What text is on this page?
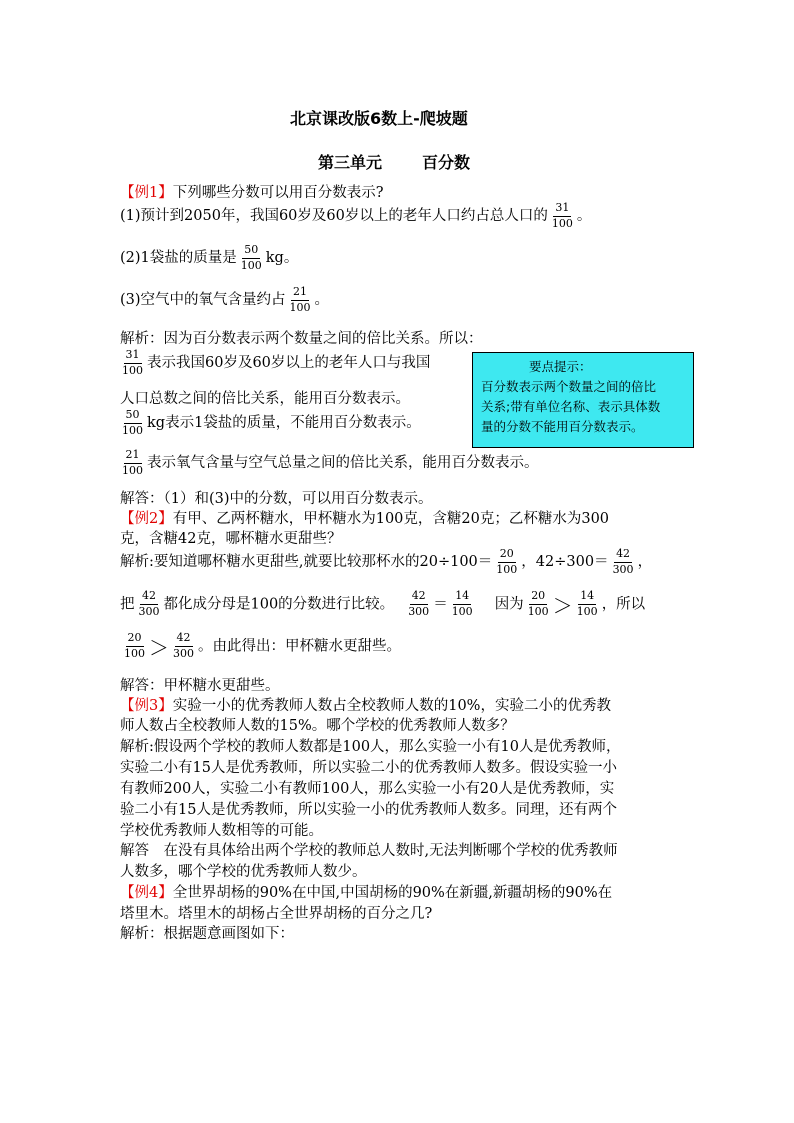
北京课改版6数上-爬坡题
第三单元	百分数
【例1】下列哪些分数可以用百分数表示?
(1)预计到2050年，我国60岁及60岁以上的老年人口约占总人口的 $\frac{31}{100}$ 。
(2)1袋盐的质量是 $\frac{50}{100}$ kg。
(3)空气中的氧气含量约占 $\frac{21}{100}$ 。
解析：因为百分数表示两个数量之间的倍比关系。所以：
$\frac{31}{100}$ 表示我国60岁及60岁以上的老年人口与我国
人口总数之间的倍比关系，能用百分数表示。
$\frac{50}{100}$ kg表示1袋盐的质量，不能用百分数表示。
$\frac{21}{100}$ 表示氧气含量与空气总量之间的倍比关系，能用百分数表示。
解答：（1）和(3)中的分数，可以用百分数表示。
要点提示：
百分数表示两个数量之间的倍比
关系;带有单位名称、表示具体数
量的分数不能用百分数表示。
【例2】有甲、乙两杯糖水，甲杯糖水为100克，含糖20克；乙杯糖水为300
克，含糖42克，哪杯糖水更甜些？
解析:要知道哪杯糖水更甜些,就要比较那杯水的$20\div 100= \frac{20}{100}$ ，$42\div 300= \frac{42}{300}$ ，
把 $\frac{42}{300}$ 都化成分母是100的分数进行比较。 $\frac{42}{300} = \frac{14}{100}$ 因为 $\frac{20}{100} > \frac{14}{100}$ ，所以
$\frac{20}{100} > \frac{42}{300}$ 。由此得出：甲杯糖水更甜些。
解答：甲杯糖水更甜些。
【例3】实验一小的优秀教师人数占全校教师人数的10%，实验二小的优秀教
师人数占全校教师人数的15%。哪个学校的优秀教师人数多？
解析:假设两个学校的教师人数都是100人，那么实验一小有10人是优秀教师，
实验二小有15人是优秀教师，所以实验二小的优秀教师人数多。假设实验一小
有教师200人，实验二小有教师100人，那么实验一小有20人是优秀教师，实
验二小有15人是优秀教师，所以实验一小的优秀教师人数多。同理，还有两个
学校优秀教师人数相等的可能。
解答　在没有具体给出两个学校的教师总人数时,无法判断哪个学校的优秀教师
人数多，哪个学校的优秀教师人数少。
【例4】全世界胡杨的90%在中国,中国胡杨的90%在新疆,新疆胡杨的90%在
塔里木。塔里木的胡杨占全世界胡杨的百分之几?
解析：根据题意画图如下：
